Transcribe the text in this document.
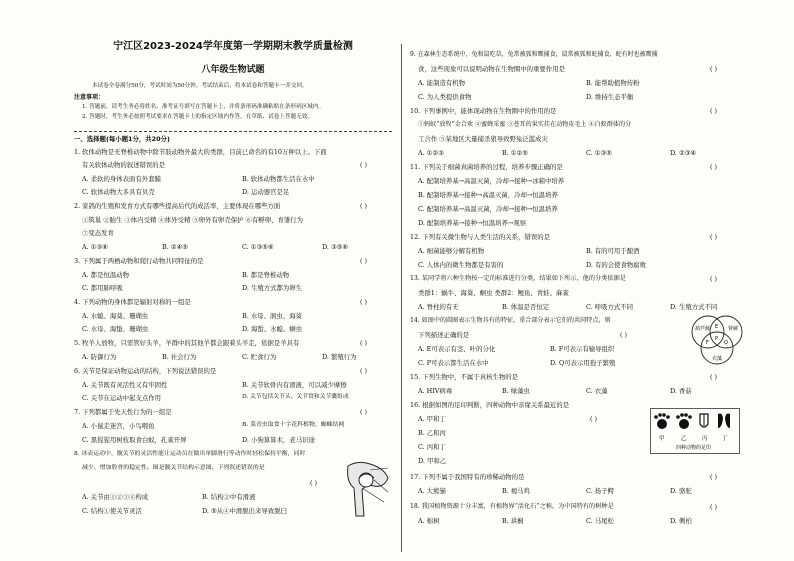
宁江区2023-2024学年度第一学期期末教学质量检测
八年级生物试题
本试卷全卷满分50分，考试时间为50分钟。考试结束后，将本试卷和答题卡一并交回。
注意事项：
1. 答题前，请考生务必将姓名、准考证号填写在答题卡上，并将条形码准确粘贴在条形码区域内。
2. 答题时，考生务必按照考试要求在答题卡上的指定区域内作答，在草纸、试卷上答题无效。
一、选择题(每小题1分，共20分)
1. 软体动物是无脊椎动物中除节肢动物外最大的类群，目前已命名的有10万种以上。下面
有关软体动物的叙述错误的是	( )
A. 柔软的身体表面有外套膜	B. 软体动物都生活在水中
C. 软体动物大多具有贝壳	D. 运动器官是足
2. 家鸽的生殖和发育方式有哪些提高后代的成活率，主要体现在哪些方面	( )
①筑巢 ②胎生 ③体内受精 ④体外受精 ⑤卵外有卵壳保护 ⑥有孵卵、育雏行为
⑦变态发育
A. ①③⑥	B. ②④⑤	C. ①③⑤⑥	D. ③⑤⑥
3. 下列属于两栖动物和爬行动物共同特征的是	( )
A. 都是恒温动物	B. 都是脊椎动物
C. 都用肺呼吸	D. 生殖方式都为卵生
4. 下列动物的身体都是辐射对称的一组是	( )
A. 水螅、海葵、珊瑚虫	B. 水母、涡虫、海葵
C. 水母、海蛰、珊瑚虫	D. 海蜇、水螅、蛔虫
5. 牧羊人放牧，只需管好头羊，羊群中的其他羊都会跟着头羊走，依据是羊具有	( )
A. 防御行为	B. 社会行为	C. 贮食行为	D. 繁殖行为
6. 关节是保证动物运动的结构，下列说法错误的是	( )
A. 关节既有灵活性又有牢固性	B. 关节软骨内有滑液，可以减少摩擦
C. 关节在运动中起支点作用	D. 关节包括关节头、关节窝和关节囊组成
7. 下列都属于先天性行为的一组是	( )
A. 小鼠走迷宫，小鸟喂鱼	B. 菜青虫取食十字花科植物，蜘蛛结网
C. 黑猩猩用树枝取食白蚁，孔雀开屏	D. 小狗算算术，老马识途
8. 冰壶运动中，髋关节的灵活性能让运动员在做出单脚滑行等动作时轻松保持平衡，同时
减少、增加股骨的稳定性。图是髋关节结构示意图，下列叙述错误的是
( )
A. 关节由①②③④构成	B. 结构②中有滑液
C. 结构①使关节灵活	D. ⑤从④中滑脱出来导致脱臼
9. 在森林生态系统中，兔和鼠吃草，兔常被狐和鹰捕食，鼠常被狐和蛇捕食，蛇有时也被鹰捕
食，这些现象可以说明动物在生物圈中的重要作用是	( )
A. 能制造有机物	B. 能帮助植物传粉
C. 为人类提供食物	D. 维持生态平衡
10. 下列事例中，能体现动物在生物圈中的作用的是	( )
①蚂蚁“放牧”金合欢 ②蜜蜂采蜜 ③苍耳的果实挂在动物皮毛上 ④白蚁群体的分
工合作 ⑤某地区大量捕杀狼导致野兔泛滥成灾
A. ①②③	B. ①②⑤	C. ①③⑤	D. ②③④
11. 下列关于细菌真菌培养的过程，培养步骤正确的是	( )
A. 配制培养基→高温灭菌，冷却→接种→冰箱中培养
B. 配制培养基→接种→高温灭菌，冷却→恒温培养
C. 配制培养基→高温灭菌，冷却→接种→恒温培养
D. 配制培养基→接种→恒温培养→观察
12. 下列有关微生物与人类生活的关系，错误的是	( )
A. 细菌能够分解有机物	B. 有的可用于酿酒
C. 人体内的微生物都是有害的	D. 有的会使食物腐败
13. 某同学将六种生物按一定的标准进行分类，结果如下所示，他的分类依据是	( )
类群1：蜗牛、海葵、蛔虫 类群2：鲤鱼、青蛙、麻雀
A. 脊柱的有无	B. 体温是否恒定	C. 呼吸方式不同	D. 生殖方式不同
14. 如图中的圆圈表示生物具有的特征，重合部分表示它们的共同特点，则
下列描述正确的是	( )
A. E可表示有茎、叶的分化	B. F可表示有输导组织
C. P可表示都生活在水中	D. Q可表示用孢子繁殖
葫芦藓	肾蕨
衣藻
E
F
P
Q
15. 下列生物中，不属于真核生物的是	( )
A. HIV病毒	B. 绿藻虫	C. 衣藻	D. 香菇
16. 根据如图的足印判断，四种动物中亲缘关系最近的是
( )
A. 甲和丁
B. 乙和丙
C. 丙和丁
D. 甲和乙
甲	乙	丙	丁
四种动物的足印
17. 下列不属于我国特有的珍稀动物的是	( )
A. 大熊猫	B. 褐马鸡	C. 扬子鳄	D. 骆驼
18. 我国植物资源十分丰富，有植物界“活化石”之称，为中国特有的树种是	( )
A. 棉树	B. 珙桐	C. 马尾松	D. 侧柏
